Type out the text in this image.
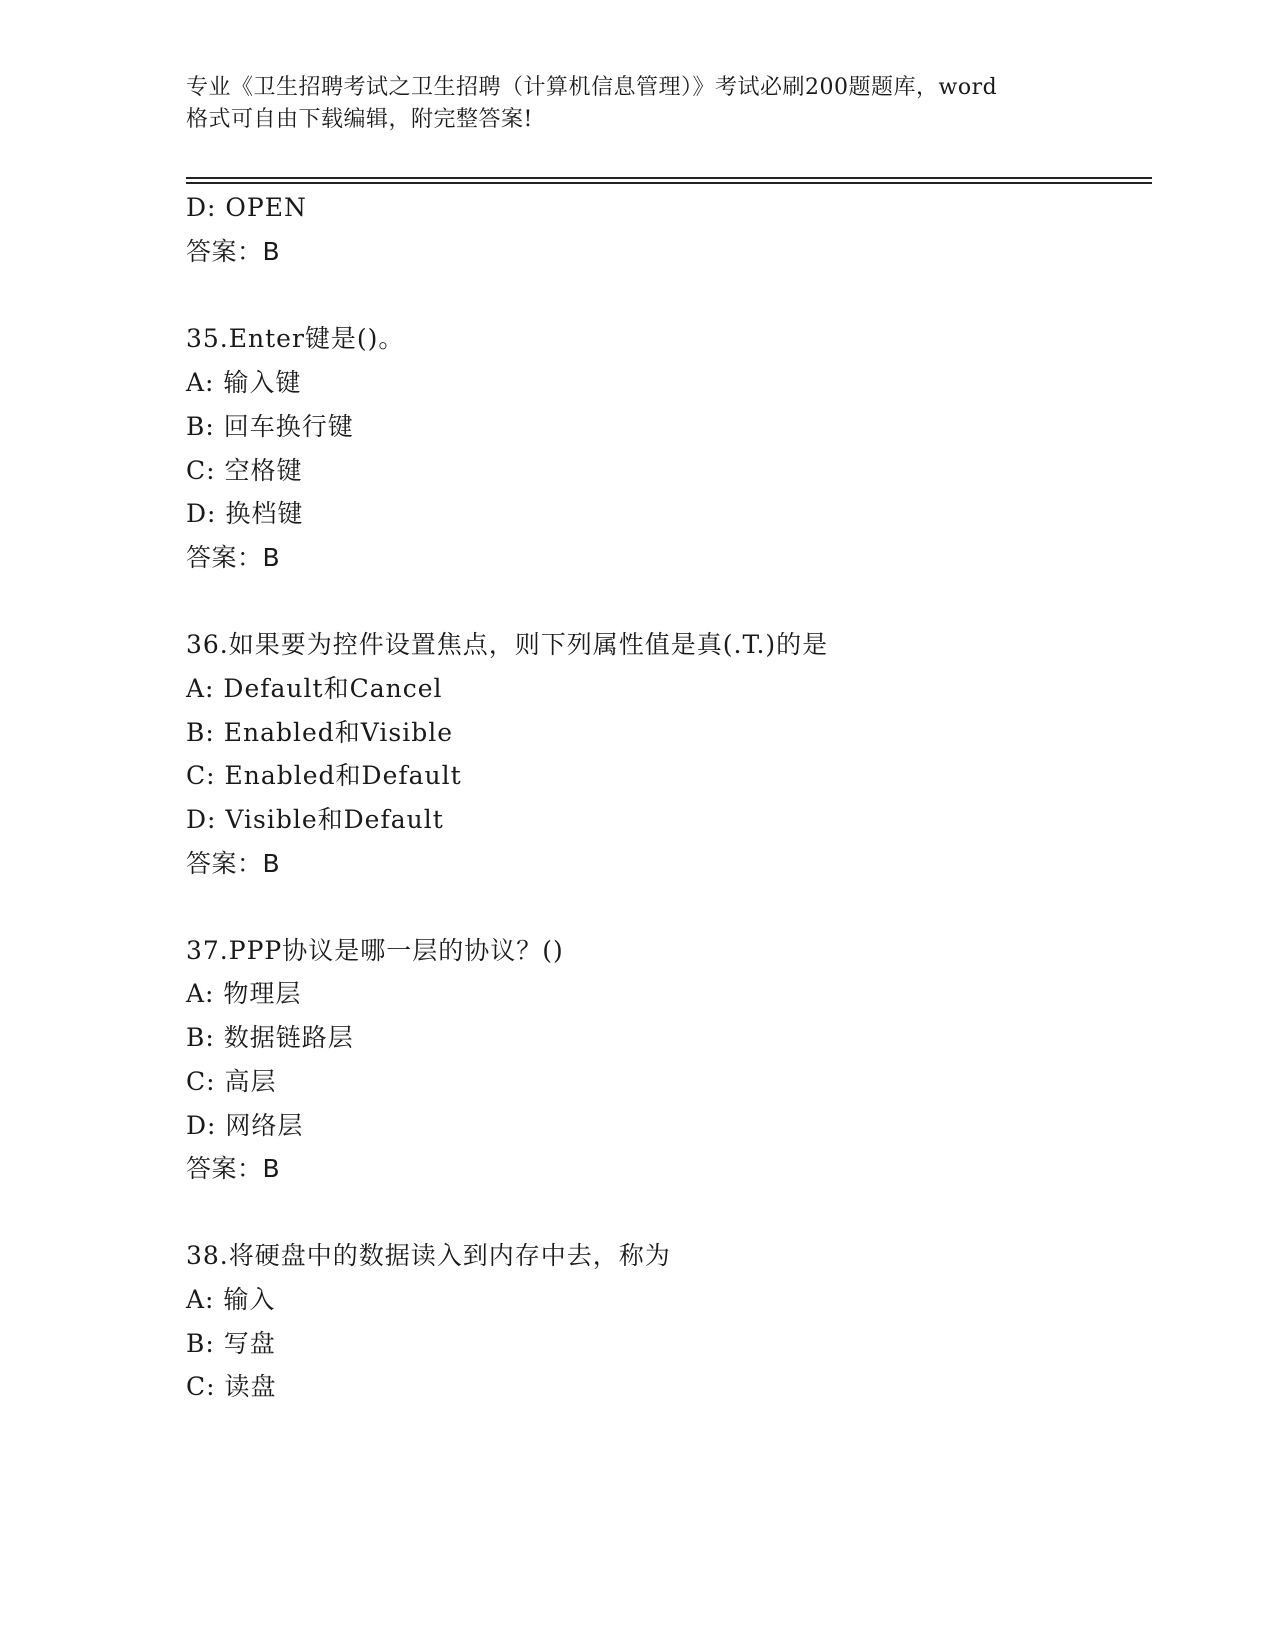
专业《卫生招聘考试之卫生招聘（计算机信息管理）》考试必刷200题题库，word
格式可自由下载编辑，附完整答案!
D: OPEN
答案：B
35.Enter键是()。
A: 输入键
B: 回车换行键
C: 空格键
D: 换档键
答案：B
36.如果要为控件设置焦点，则下列属性值是真(.T.)的是
A: Default和Cancel
B: Enabled和Visible
C: Enabled和Default
D: Visible和Default
答案：B
37.PPP协议是哪一层的协议？()
A: 物理层
B: 数据链路层
C: 高层
D: 网络层
答案：B
38.将硬盘中的数据读入到内存中去，称为
A: 输入
B: 写盘
C: 读盘
